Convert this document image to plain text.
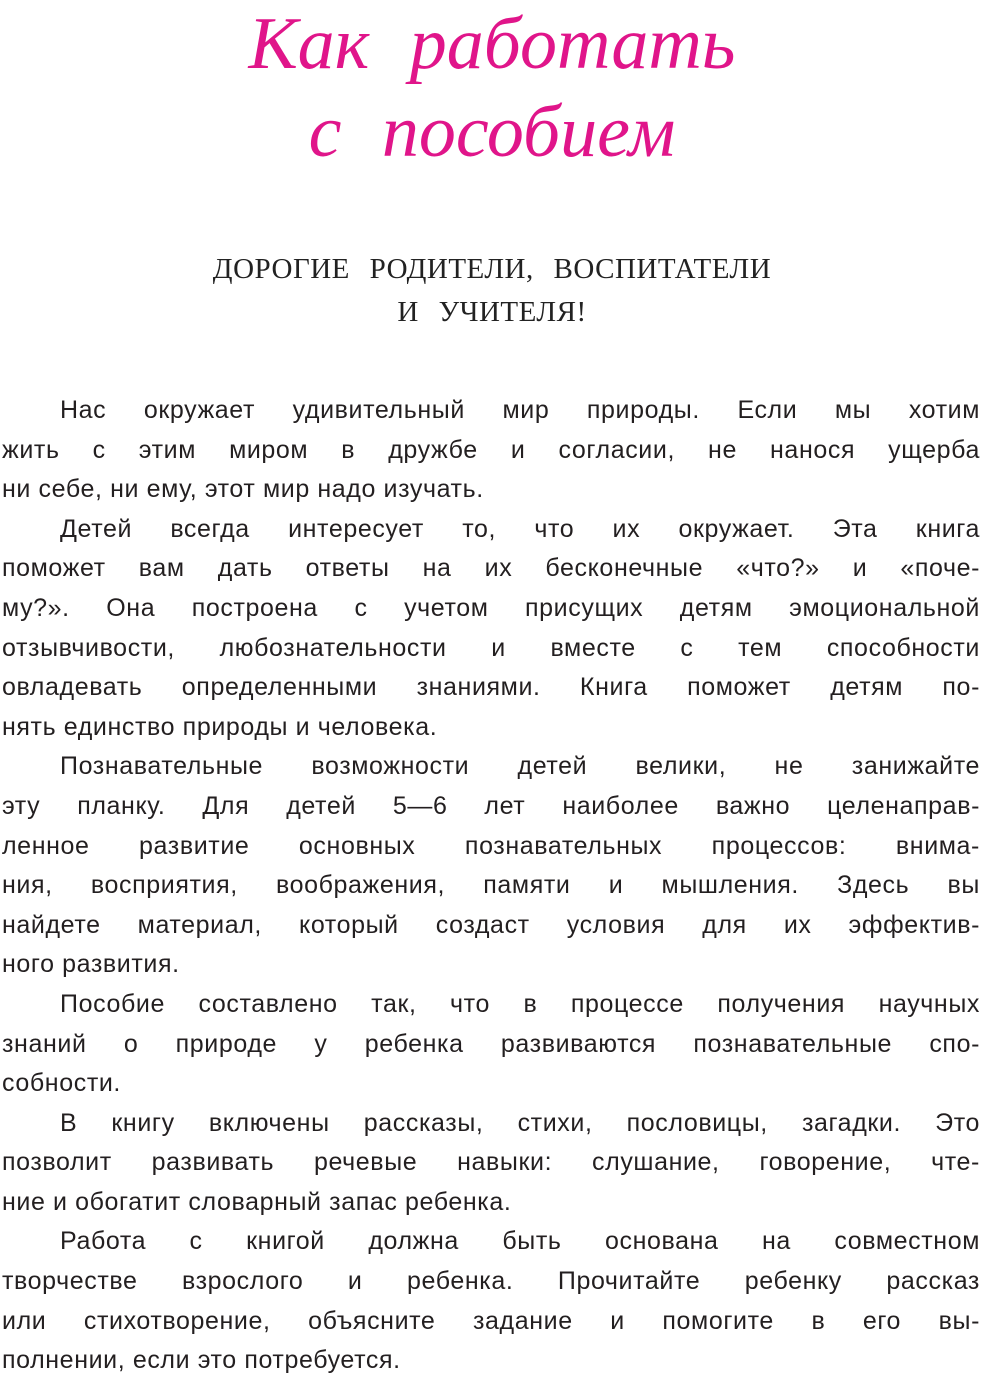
Как работать
с пособием
ДОРОГИЕ РОДИТЕЛИ, ВОСПИТАТЕЛИ
И УЧИТЕЛЯ!
Нас окружает удивительный мир природы. Если мы хотим
жить с этим миром в дружбе и согласии, не нанося ущерба
ни себе, ни ему, этот мир надо изучать.
Детей всегда интересует то, что их окружает. Эта книга
поможет вам дать ответы на их бесконечные «что?» и «поче-
му?». Она построена с учетом присущих детям эмоциональной
отзывчивости, любознательности и вместе с тем способности
овладевать определенными знаниями. Книга поможет детям по-
нять единство природы и человека.
Познавательные возможности детей велики, не занижайте
эту планку. Для детей 5—6 лет наиболее важно целенаправ-
ленное развитие основных познавательных процессов: внима-
ния, восприятия, воображения, памяти и мышления. Здесь вы
найдете материал, который создаст условия для их эффектив-
ного развития.
Пособие составлено так, что в процессе получения научных
знаний о природе у ребенка развиваются познавательные спо-
собности.
В книгу включены рассказы, стихи, пословицы, загадки. Это
позволит развивать речевые навыки: слушание, говорение, чте-
ние и обогатит словарный запас ребенка.
Работа с книгой должна быть основана на совместном
творчестве взрослого и ребенка. Прочитайте ребенку рассказ
или стихотворение, объясните задание и помогите в его вы-
полнении, если это потребуется.
